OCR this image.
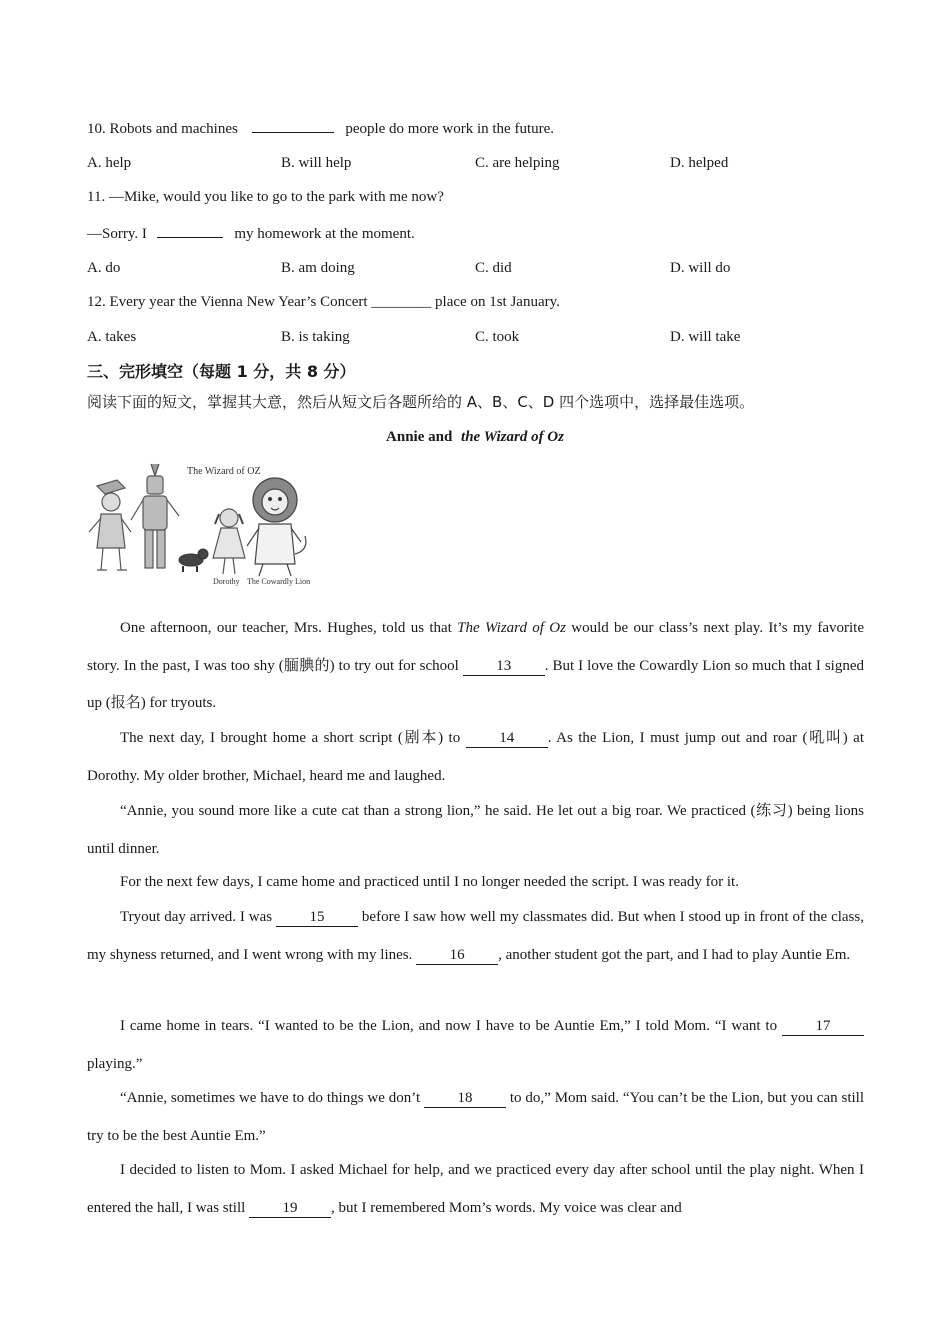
10. Robots and machines	people do more work in the future.
A. help	B. will help	C. are helping	D. helped
11. —Mike, would you like to go to the park with me now?
—Sorry. I	my homework at the moment.
A. do	B. am doing	C. did	D. will do
12. Every year the Vienna New Year’s Concert ________ place on 1st January.
A. takes	B. is taking	C. took	D. will take
三、完形填空（每题 1 分，共 8 分）
阅读下面的短文，掌握其大意，然后从短文后各题所给的 A、B、C、D 四个选项中，选择最佳选项。
Annie and the Wizard of Oz
The Wizard of OZ
Dorothy The Cowardly Lion
One afternoon, our teacher, Mrs. Hughes, told us that The Wizard of Oz would be our class’s next play. It’s my favorite story. In the past, I was too shy (腼腆的) to try out for school 13 . But I love the Cowardly Lion so much that I signed up (报名) for tryouts.
The next day, I brought home a short script (剧本) to 14 . As the Lion, I must jump out and roar (吼叫) at Dorothy. My older brother, Michael, heard me and laughed.
“Annie, you sound more like a cute cat than a strong lion,” he said. He let out a big roar. We practiced (练习) being lions until dinner.
For the next few days, I came home and practiced until I no longer needed the script. I was ready for it.
Tryout day arrived. I was 15 before I saw how well my classmates did. But when I stood up in front of the class, my shyness returned, and I went wrong with my lines. 16 , another student got the part, and I had to play Auntie Em.
I came home in tears. “I wanted to be the Lion, and now I have to be Auntie Em,” I told Mom. “I want to 17 playing.”
“Annie, sometimes we have to do things we don’t 18 to do,” Mom said. “You can’t be the Lion, but you can still try to be the best Auntie Em.”
I decided to listen to Mom. I asked Michael for help, and we practiced every day after school until the play night. When I entered the hall, I was still 19 , but I remembered Mom’s words. My voice was clear and
